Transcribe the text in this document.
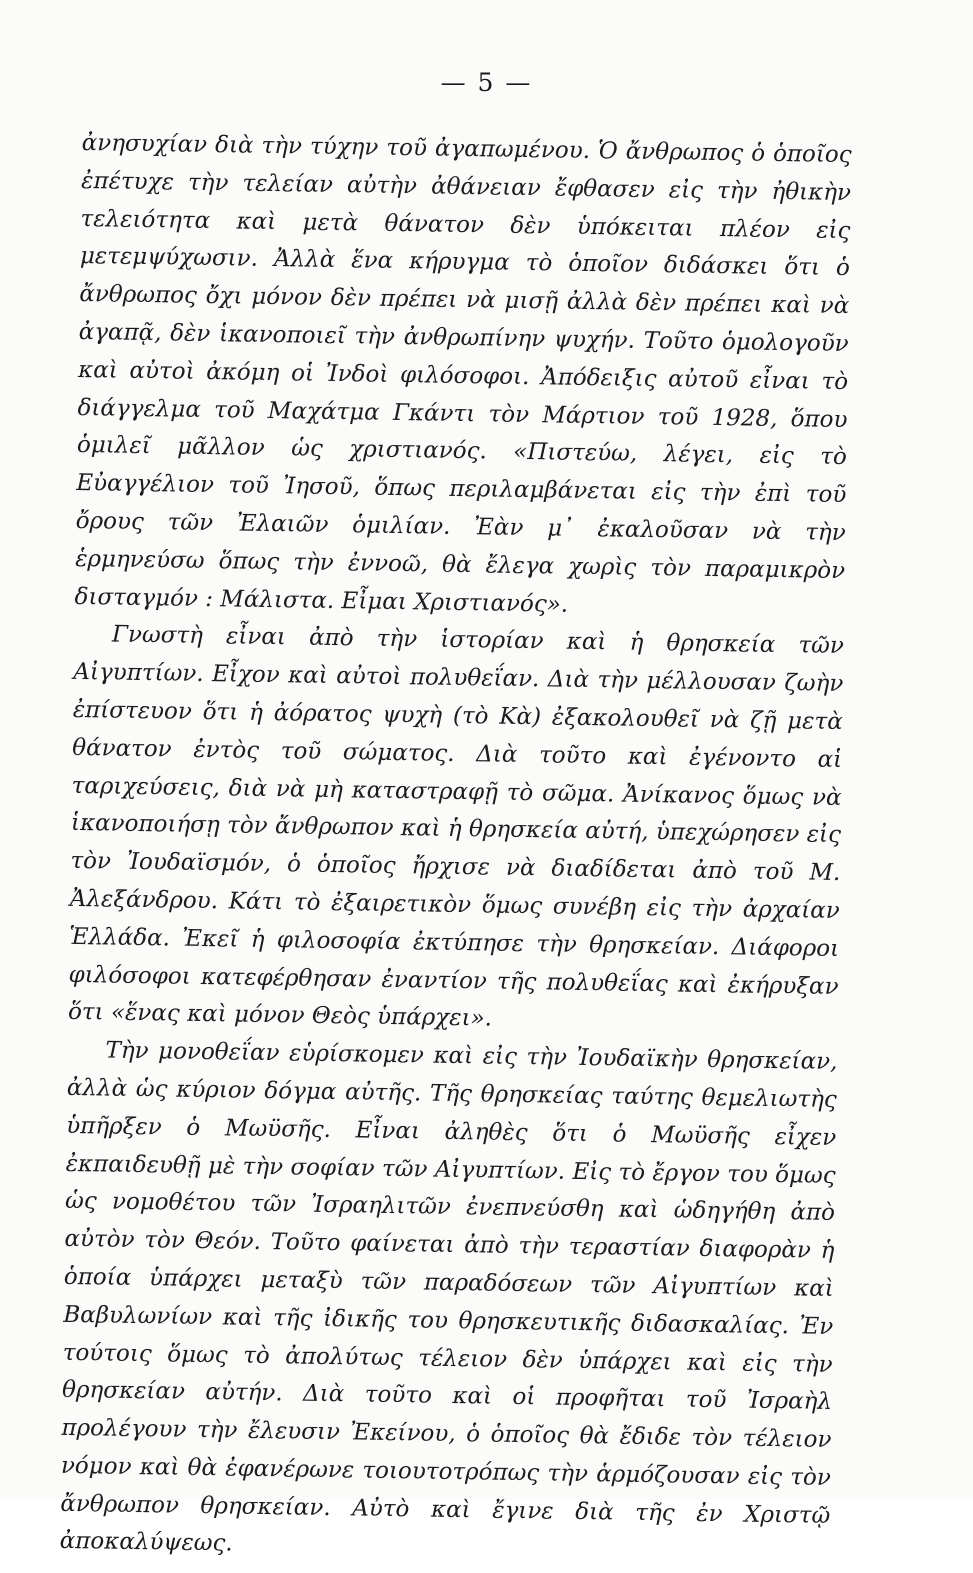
— 5 —

ἀνησυχίαν διὰ τὴν τύχην τοῦ ἀγαπωμένου. Ὁ ἄνθρωπος ὁ ὁποῖος ἐπέτυχε τὴν τελείαν αὐτὴν ἀθάνειαν ἔφθασεν εἰς τὴν ἠθικὴν τελειότητα καὶ μετὰ θάνατον δὲν ὑπόκειται πλέον εἰς μετεμψύχωσιν. Ἀλλὰ ἕνα κήρυγμα τὸ ὁποῖον διδάσκει ὅτι ὁ ἄνθρωπος ὄχι μόνον δὲν πρέπει νὰ μισῇ ἀλλὰ δὲν πρέπει καὶ νὰ ἀγαπᾷ, δὲν ἱκανοποιεῖ τὴν ἀνθρωπίνην ψυχήν. Τοῦτο ὁμολογοῦν καὶ αὐτοὶ ἀκόμη οἱ Ἰνδοὶ φιλόσοφοι. Ἀπόδειξις αὐτοῦ εἶναι τὸ διάγγελμα τοῦ Μαχάτμα Γκάντι τὸν Μάρτιον τοῦ 1928, ὅπου ὁμιλεῖ μᾶλλον ὡς χριστιανός. «Πιστεύω, λέγει, εἰς τὸ Εὐαγγέλιον τοῦ Ἰησοῦ, ὅπως περιλαμβάνεται εἰς τὴν ἐπὶ τοῦ ὄρους τῶν Ἐλαιῶν ὁμιλίαν. Ἐὰν μ᾽ ἐκαλοῦσαν νὰ τὴν ἑρμηνεύσω ὅπως τὴν ἐννοῶ, θὰ ἔλεγα χωρὶς τὸν παραμικρὸν δισταγμόν : Μάλιστα. Εἶμαι Χριστιανός».

Γνωστὴ εἶναι ἀπὸ τὴν ἱστορίαν καὶ ἡ θρησκεία τῶν Αἰγυπτίων. Εἶχον καὶ αὐτοὶ πολυθεΐαν. Διὰ τὴν μέλλουσαν ζωὴν ἐπίστευον ὅτι ἡ ἀόρατος ψυχὴ (τὸ Κὰ) ἐξακολουθεῖ νὰ ζῇ μετὰ θάνατον ἐντὸς τοῦ σώματος. Διὰ τοῦτο καὶ ἐγένοντο αἱ ταριχεύσεις, διὰ νὰ μὴ καταστραφῇ τὸ σῶμα. Ἀνίκανος ὅμως νὰ ἱκανοποιήσῃ τὸν ἄνθρωπον καὶ ἡ θρησκεία αὐτή, ὑπεχώρησεν εἰς τὸν Ἰουδαϊσμόν, ὁ ὁποῖος ἤρχισε νὰ διαδίδεται ἀπὸ τοῦ Μ. Ἀλεξάνδρου. Κάτι τὸ ἐξαιρετικὸν ὅμως συνέβη εἰς τὴν ἀρχαίαν Ἑλλάδα. Ἐκεῖ ἡ φιλοσοφία ἐκτύπησε τὴν θρησκείαν. Διάφοροι φιλόσοφοι κατεφέρθησαν ἐναντίον τῆς πολυθεΐας καὶ ἐκήρυξαν ὅτι «ἕνας καὶ μόνον Θεὸς ὑπάρχει».

Τὴν μονοθεΐαν εὑρίσκομεν καὶ εἰς τὴν Ἰουδαϊκὴν θρησκείαν, ἀλλὰ ὡς κύριον δόγμα αὐτῆς. Τῆς θρησκείας ταύτης θεμελιωτὴς ὑπῆρξεν ὁ Μωϋσῆς. Εἶναι ἀληθὲς ὅτι ὁ Μωϋσῆς εἶχεν ἐκπαιδευθῇ μὲ τὴν σοφίαν τῶν Αἰγυπτίων. Εἰς τὸ ἔργον του ὅμως ὡς νομοθέτου τῶν Ἰσραηλιτῶν ἐνεπνεύσθη καὶ ὡδηγήθη ἀπὸ αὐτὸν τὸν Θεόν. Τοῦτο φαίνεται ἀπὸ τὴν τεραστίαν διαφορὰν ἡ ὁποία ὑπάρχει μεταξὺ τῶν παραδόσεων τῶν Αἰγυπτίων καὶ Βαβυλωνίων καὶ τῆς ἰδικῆς του θρησκευτικῆς διδασκαλίας. Ἐν τούτοις ὅμως τὸ ἀπολύτως τέλειον δὲν ὑπάρχει καὶ εἰς τὴν θρησκείαν αὐτήν. Διὰ τοῦτο καὶ οἱ προφῆται τοῦ Ἰσραὴλ προλέγουν τὴν ἔλευσιν Ἐκείνου, ὁ ὁποῖος θὰ ἔδιδε τὸν τέλειον νόμον καὶ θὰ ἐφανέρωνε τοιουτοτρόπως τὴν ἁρμόζουσαν εἰς τὸν ἄνθρωπον θρησκείαν. Αὐτὸ καὶ ἔγινε διὰ τῆς ἐν Χριστῷ ἀποκαλύψεως.
